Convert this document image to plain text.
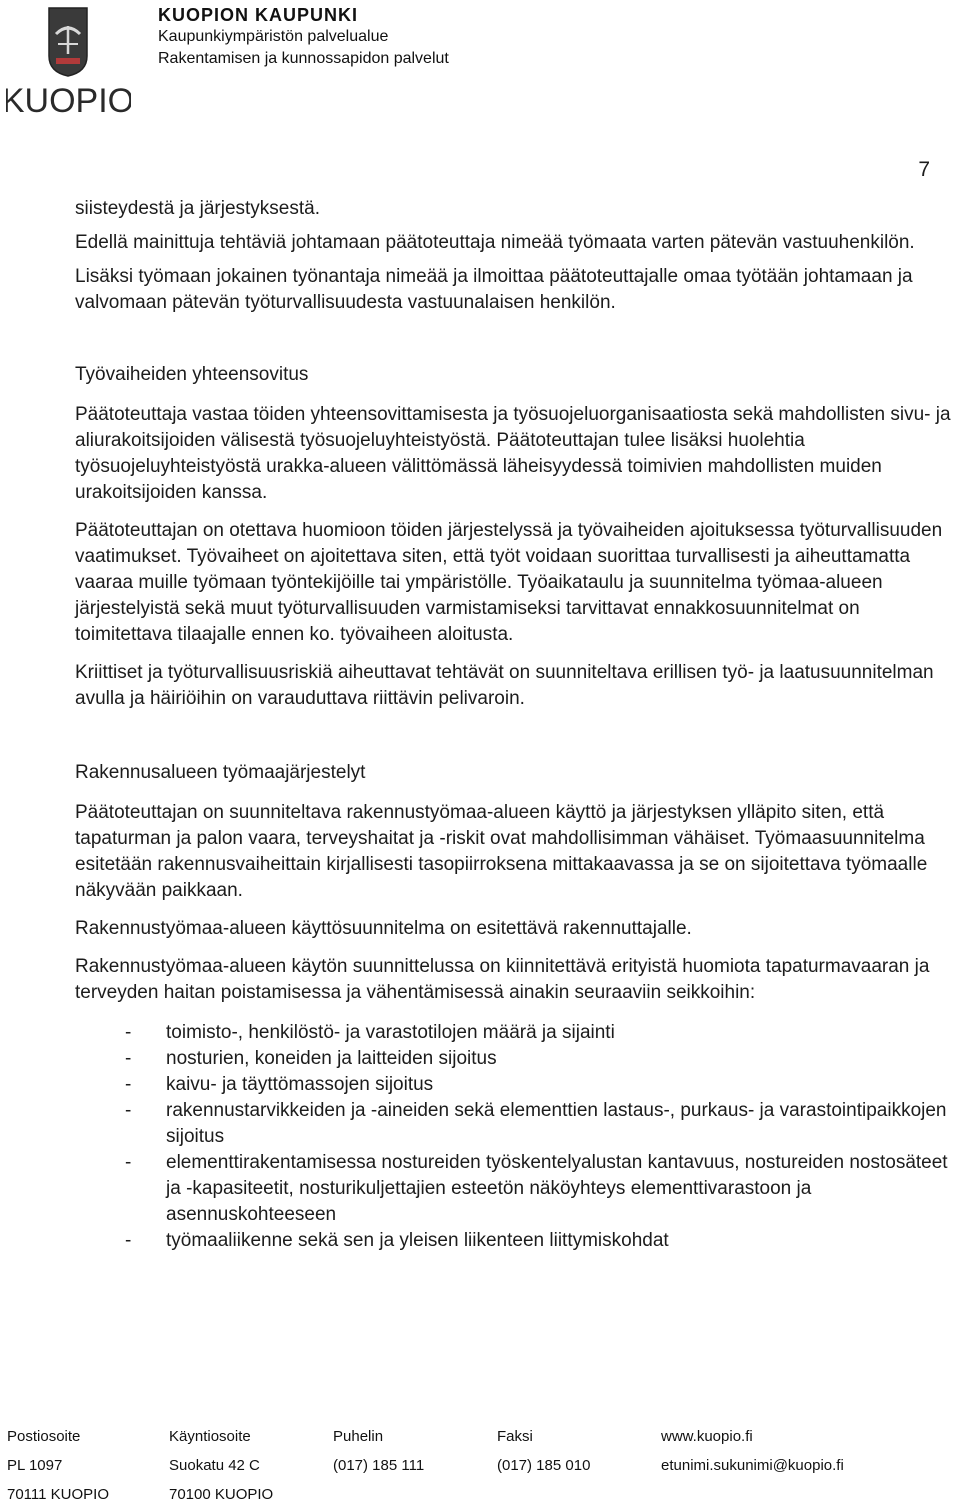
KUOPIO
KUOPION KAUPUNKI
Kaupunkiympäristön palvelualue
Rakentamisen ja kunnossapidon palvelut
7

siisteydestä ja järjestyksestä.

Edellä mainittuja tehtäviä johtamaan päätoteuttaja nimeää työmaata varten pätevän vastuuhenkilön.

Lisäksi työmaan jokainen työnantaja nimeää ja ilmoittaa päätoteuttajalle omaa työtään johtamaan ja valvomaan pätevän työturvallisuudesta vastuunalaisen henkilön.

Työvaiheiden yhteensovitus

Päätoteuttaja vastaa töiden yhteensovittamisesta ja työsuojeluorganisaatiosta sekä mahdollisten sivu- ja aliurakoitsijoiden välisestä työsuojeluyhteistyöstä. Päätoteuttajan tulee lisäksi huolehtia työsuojeluyhteistyöstä urakka-alueen välittömässä läheisyydessä toimivien mahdollisten muiden urakoitsijoiden kanssa.

Päätoteuttajan on otettava huomioon töiden järjestelyssä ja työvaiheiden ajoituksessa työturvallisuuden vaatimukset. Työvaiheet on ajoitettava siten, että työt voidaan suorittaa turvallisesti ja aiheuttamatta vaaraa muille työmaan työntekijöille tai ympäristölle. Työaikataulu ja suunnitelma työmaa-alueen järjestelyistä sekä muut työturvallisuuden varmistamiseksi tarvittavat ennakkosuunnitelmat on toimitettava tilaajalle ennen ko. työvaiheen aloitusta.

Kriittiset ja työturvallisuusriskiä aiheuttavat tehtävät on suunniteltava erillisen työ- ja laatusuunnitelman avulla ja häiriöihin on varauduttava riittävin pelivaroin.

Rakennusalueen työmaajärjestelyt

Päätoteuttajan on suunniteltava rakennustyömaa-alueen käyttö ja järjestyksen ylläpito siten, että tapaturman ja palon vaara, terveyshaitat ja -riskit ovat mahdollisimman vähäiset. Työmaasuunnitelma esitetään rakennusvaiheittain kirjallisesti tasopiirroksena mittakaavassa ja se on sijoitettava työmaalle näkyvään paikkaan.

Rakennustyömaa-alueen käyttösuunnitelma on esitettävä rakennuttajalle.

Rakennustyömaa-alueen käytön suunnittelussa on kiinnitettävä erityistä huomiota tapaturmavaaran ja terveyden haitan poistamisessa ja vähentämisessä ainakin seuraaviin seikkoihin:

- toimisto-, henkilöstö- ja varastotilojen määrä ja sijainti
- nosturien, koneiden ja laitteiden sijoitus
- kaivu- ja täyttömassojen sijoitus
- rakennustarvikkeiden ja -aineiden sekä elementtien lastaus-, purkaus- ja varastointipaikkojen sijoitus
- elementtirakentamisessa nostureiden työskentelyalustan kantavuus, nostureiden nostosäteet ja -kapasiteetit, nosturikuljettajien esteetön näköyhteys elementtivarastoon ja asennuskohteeseen
- työmaaliikenne sekä sen ja yleisen liikenteen liittymiskohdat
Postiosoite	Käyntiosoite	Puhelin	Faksi	www.kuopio.fi
PL 1097	Suokatu 42 C	(017) 185 111	(017) 185 010	etunimi.sukunimi@kuopio.fi
70111 KUOPIO	70100 KUOPIO
